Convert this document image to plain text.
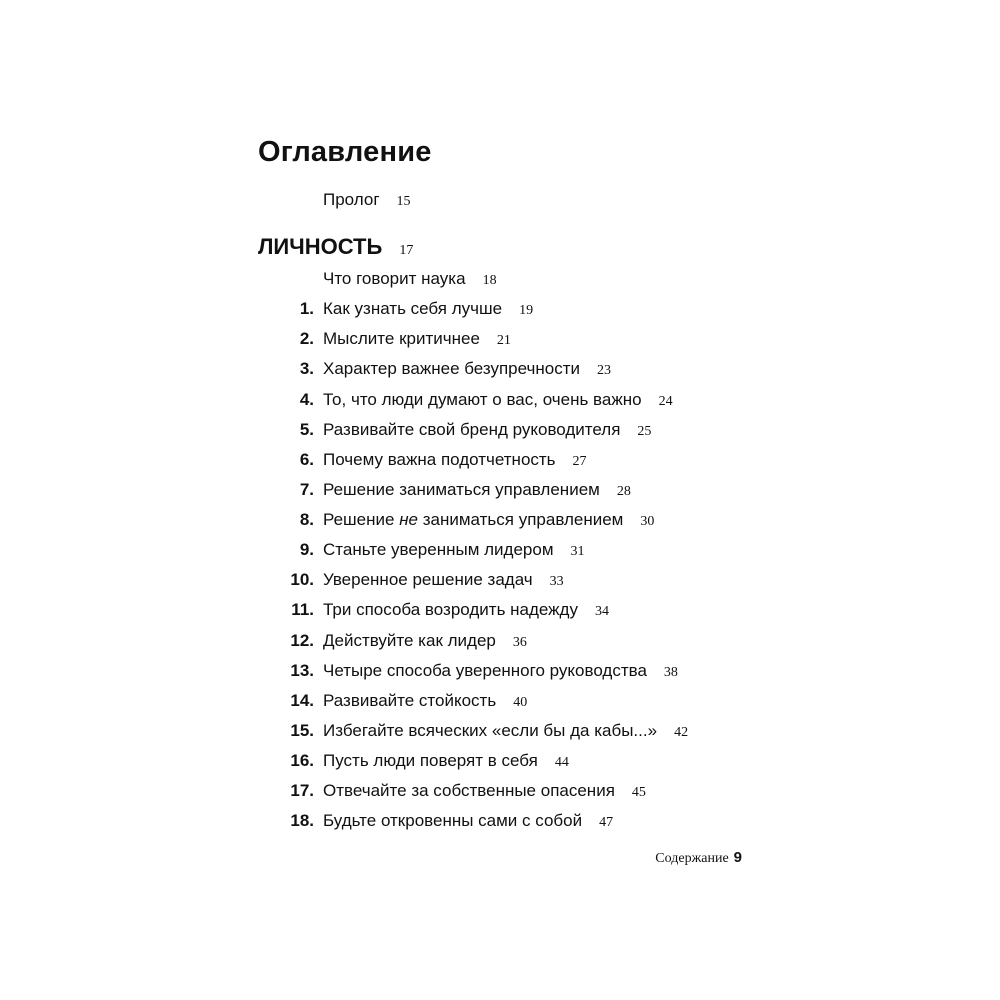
Оглавление
Пролог 15
ЛИЧНОСТЬ 17
Что говорит наука 18
1. Как узнать себя лучше 19
2. Мыслите критичнее 21
3. Характер важнее безупречности 23
4. То, что люди думают о вас, очень важно 24
5. Развивайте свой бренд руководителя 25
6. Почему важна подотчетность 27
7. Решение заниматься управлением 28
8. Решение не заниматься управлением 30
9. Станьте уверенным лидером 31
10. Уверенное решение задач 33
11. Три способа возродить надежду 34
12. Действуйте как лидер 36
13. Четыре способа уверенного руководства 38
14. Развивайте стойкость 40
15. Избегайте всяческих «если бы да кабы...» 42
16. Пусть люди поверят в себя 44
17. Отвечайте за собственные опасения 45
18. Будьте откровенны сами с собой 47
Содержание 9
